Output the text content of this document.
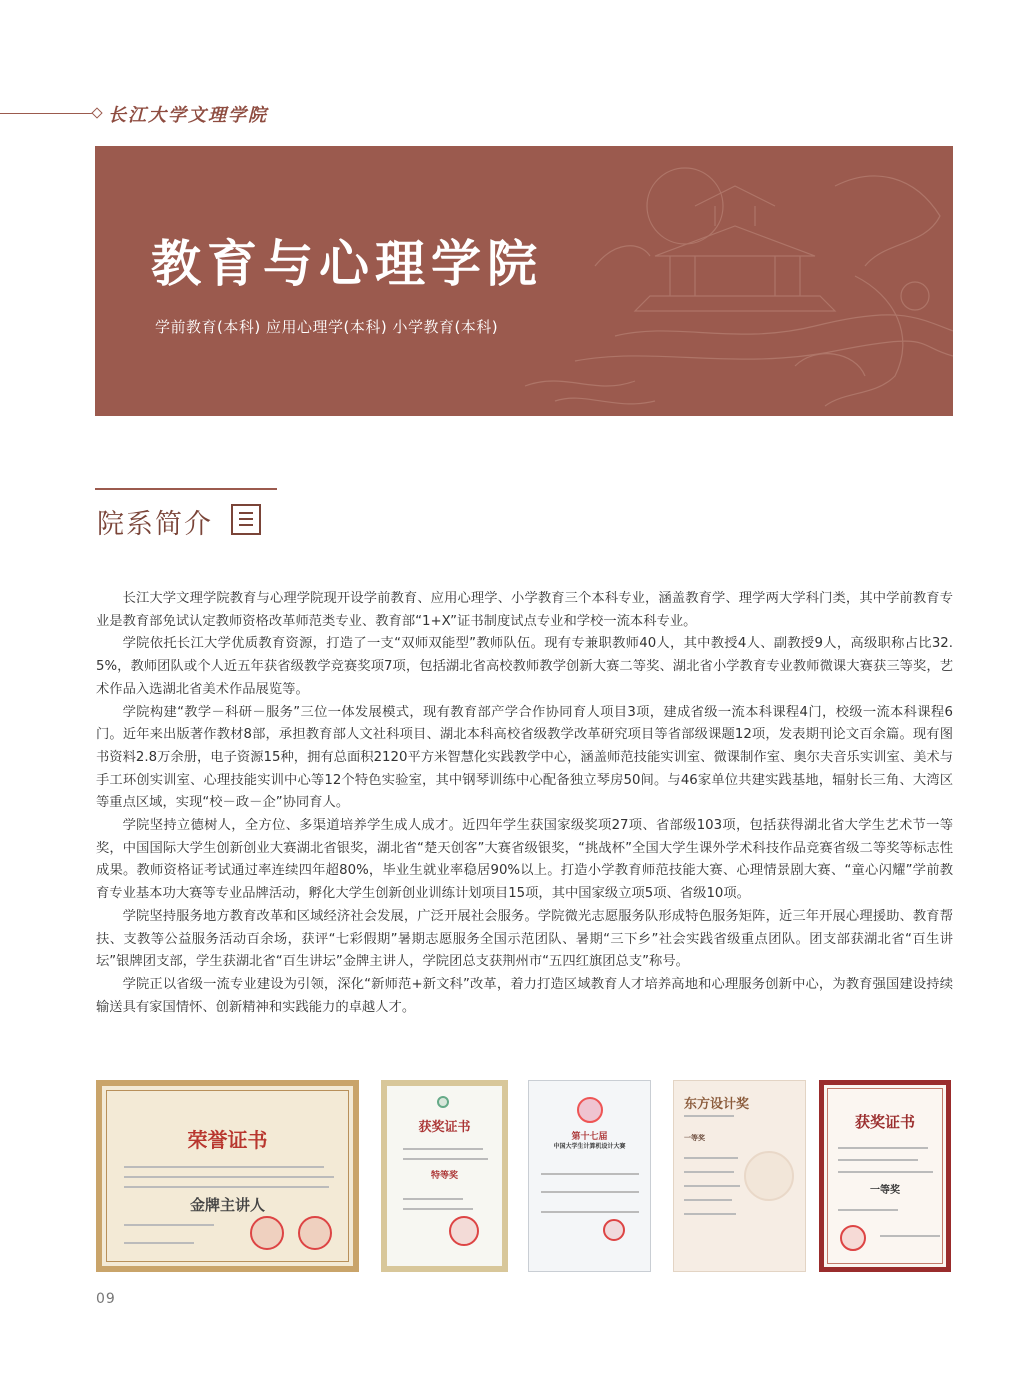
长江大学文理学院
教育与心理学院
学前教育(本科) 应用心理学(本科) 小学教育(本科)
院系简介

长江大学文理学院教育与心理学院现开设学前教育、应用心理学、小学教育三个本科专业，涵盖教育学、理学两大学科门类，其中学前教育专业是教育部免试认定教师资格改革师范类专业、教育部“1+X”证书制度试点专业和学校一流本科专业。

学院依托长江大学优质教育资源，打造了一支“双师双能型”教师队伍。现有专兼职教师40人，其中教授4人、副教授9人，高级职称占比32.5%，教师团队或个人近五年获省级教学竞赛奖项7项，包括湖北省高校教师教学创新大赛二等奖、湖北省小学教育专业教师微课大赛获三等奖，艺术作品入选湖北省美术作品展览等。

学院构建“教学－科研－服务”三位一体发展模式，现有教育部产学合作协同育人项目3项，建成省级一流本科课程4门，校级一流本科课程6门。近年来出版著作教材8部，承担教育部人文社科项目、湖北本科高校省级教学改革研究项目等省部级课题12项，发表期刊论文百余篇。现有图书资料2.8万余册，电子资源15种，拥有总面积2120平方米智慧化实践教学中心，涵盖师范技能实训室、微课制作室、奥尔夫音乐实训室、美术与手工环创实训室、心理技能实训中心等12个特色实验室，其中钢琴训练中心配备独立琴房50间。与46家单位共建实践基地，辐射长三角、大湾区等重点区域，实现“校－政－企”协同育人。

学院坚持立德树人，全方位、多渠道培养学生成人成才。近四年学生获国家级奖项27项、省部级103项，包括获得湖北省大学生艺术节一等奖，中国国际大学生创新创业大赛湖北省银奖，湖北省“楚天创客”大赛省级银奖，“挑战杯”全国大学生课外学术科技作品竞赛省级二等奖等标志性成果。教师资格证考试通过率连续四年超80%，毕业生就业率稳居90%以上。打造小学教育师范技能大赛、心理情景剧大赛、“童心闪耀”学前教育专业基本功大赛等专业品牌活动，孵化大学生创新创业训练计划项目15项，其中国家级立项5项、省级10项。

学院坚持服务地方教育改革和区域经济社会发展，广泛开展社会服务。学院微光志愿服务队形成特色服务矩阵，近三年开展心理援助、教育帮扶、支教等公益服务活动百余场，获评“七彩假期”暑期志愿服务全国示范团队、暑期“三下乡”社会实践省级重点团队。团支部获湖北省“百生讲坛”银牌团支部，学生获湖北省“百生讲坛”金牌主讲人，学院团总支获荆州市“五四红旗团总支”称号。

学院正以省级一流专业建设为引领，深化“新师范+新文科”改革，着力打造区域教育人才培养高地和心理服务创新中心，为教育强国建设持续输送具有家国情怀、创新精神和实践能力的卓越人才。

荣誉证书
金牌主讲人
获奖证书
特等奖
第十七届
中国大学生计算机设计大赛
东方设计奖
一等奖
获奖证书
一等奖
09
